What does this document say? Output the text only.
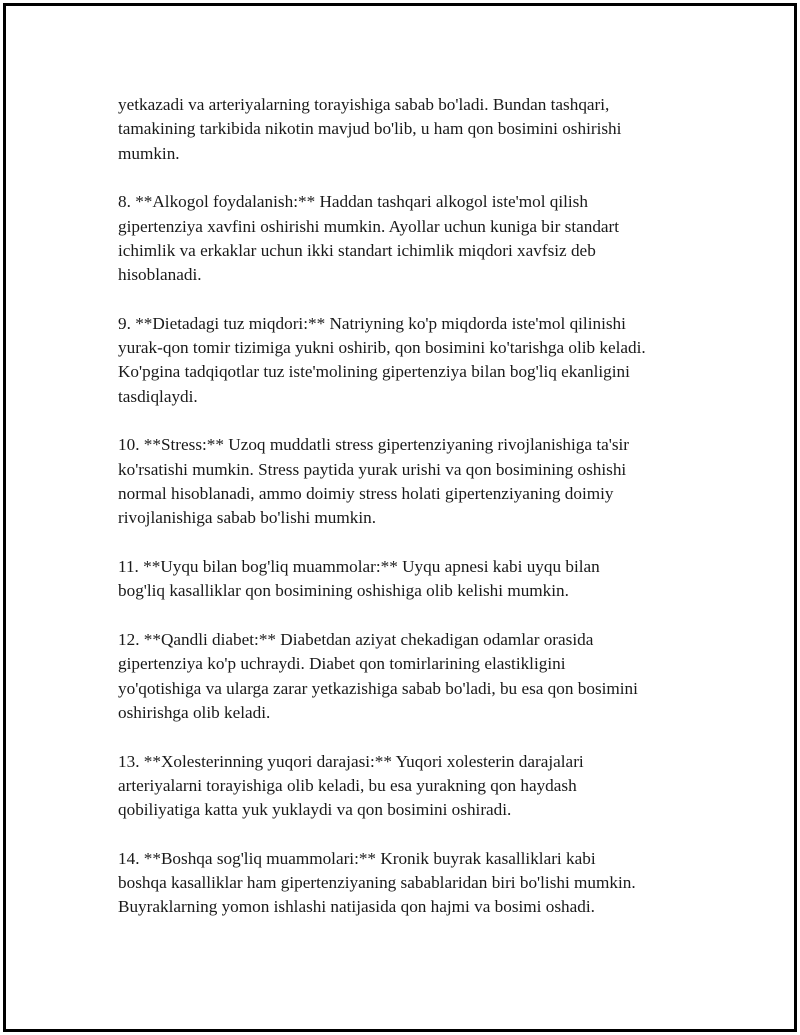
yetkazadi va arteriyalarning torayishiga sabab bo'ladi. Bundan tashqari,
tamakining tarkibida nikotin mavjud bo'lib, u ham qon bosimini oshirishi
mumkin.

8. **Alkogol foydalanish:** Haddan tashqari alkogol iste'mol qilish
gipertenziya xavfini oshirishi mumkin. Ayollar uchun kuniga bir standart
ichimlik va erkaklar uchun ikki standart ichimlik miqdori xavfsiz deb
hisoblanadi.

9. **Dietadagi tuz miqdori:** Natriyning ko'p miqdorda iste'mol qilinishi
yurak-qon tomir tizimiga yukni oshirib, qon bosimini ko'tarishga olib keladi.
Ko'pgina tadqiqotlar tuz iste'molining gipertenziya bilan bog'liq ekanligini
tasdiqlaydi.

10. **Stress:** Uzoq muddatli stress gipertenziyaning rivojlanishiga ta'sir
ko'rsatishi mumkin. Stress paytida yurak urishi va qon bosimining oshishi
normal hisoblanadi, ammo doimiy stress holati gipertenziyaning doimiy
rivojlanishiga sabab bo'lishi mumkin.

11. **Uyqu bilan bog'liq muammolar:** Uyqu apnesi kabi uyqu bilan
bog'liq kasalliklar qon bosimining oshishiga olib kelishi mumkin.

12. **Qandli diabet:** Diabetdan aziyat chekadigan odamlar orasida
gipertenziya ko'p uchraydi. Diabet qon tomirlarining elastikligini
yo'qotishiga va ularga zarar yetkazishiga sabab bo'ladi, bu esa qon bosimini
oshirishga olib keladi.

13. **Xolesterinning yuqori darajasi:** Yuqori xolesterin darajalari
arteriyalarni torayishiga olib keladi, bu esa yurakning qon haydash
qobiliyatiga katta yuk yuklaydi va qon bosimini oshiradi.

14. **Boshqa sog'liq muammolari:** Kronik buyrak kasalliklari kabi
boshqa kasalliklar ham gipertenziyaning sabablaridan biri bo'lishi mumkin.
Buyraklarning yomon ishlashi natijasida qon hajmi va bosimi oshadi.
